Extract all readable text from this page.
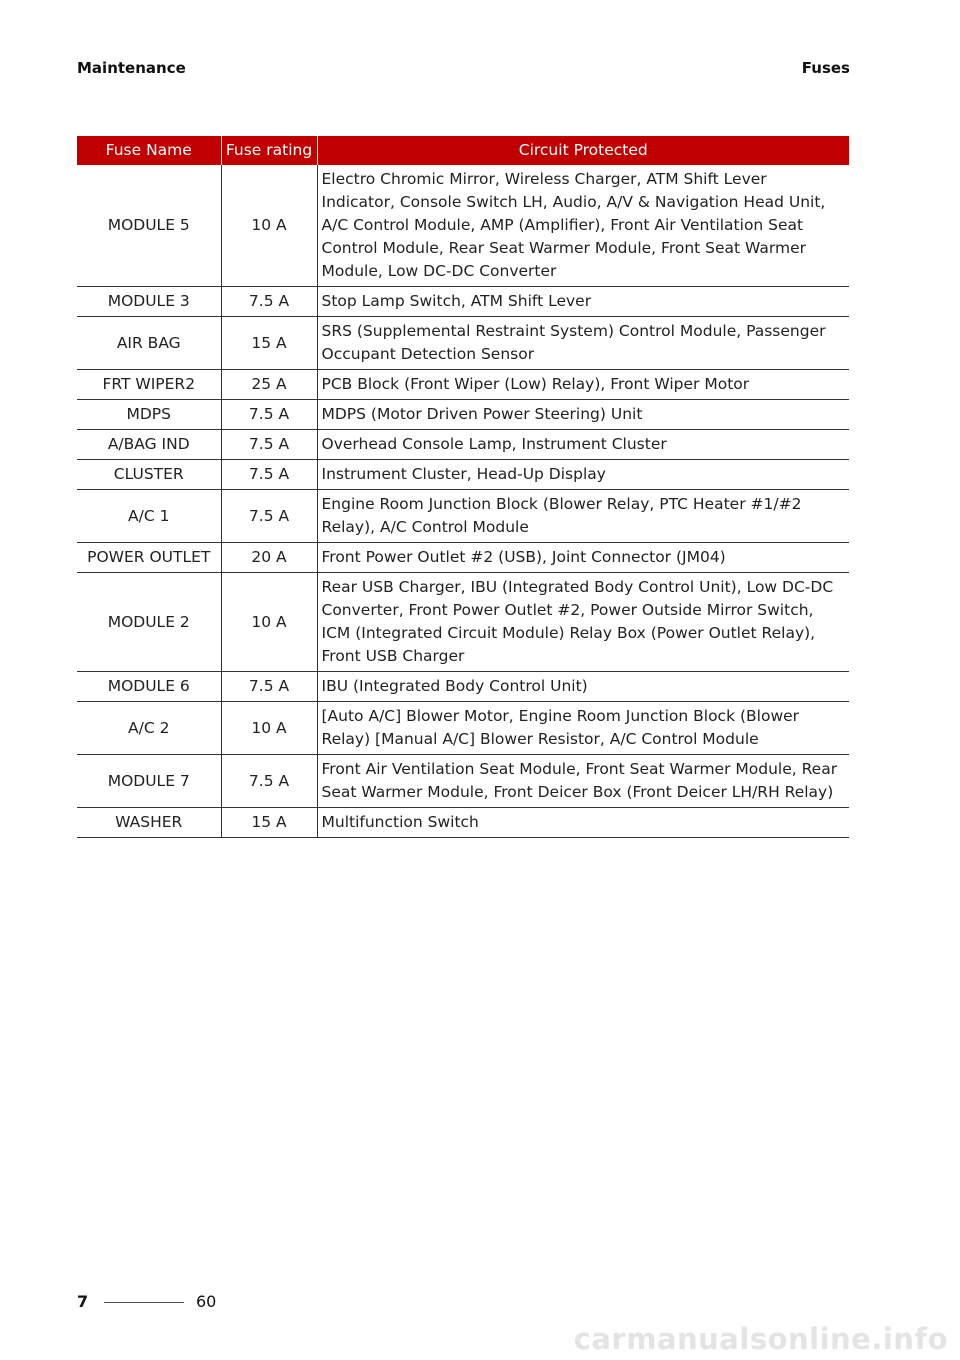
Maintenance	Fuses
Fuse Name	Fuse rating	Circuit Protected
MODULE 5	10 A	Electro Chromic Mirror, Wireless Charger, ATM Shift Lever Indicator, Console Switch LH, Audio, A/V & Navigation Head Unit, A/C Control Module, AMP (Amplifier), Front Air Ventilation Seat Control Module, Rear Seat Warmer Module, Front Seat Warmer Module, Low DC-DC Converter
MODULE 3	7.5 A	Stop Lamp Switch, ATM Shift Lever
AIR BAG	15 A	SRS (Supplemental Restraint System) Control Module, Passenger Occupant Detection Sensor
FRT WIPER2	25 A	PCB Block (Front Wiper (Low) Relay), Front Wiper Motor
MDPS	7.5 A	MDPS (Motor Driven Power Steering) Unit
A/BAG IND	7.5 A	Overhead Console Lamp, Instrument Cluster
CLUSTER	7.5 A	Instrument Cluster, Head-Up Display
A/C 1	7.5 A	Engine Room Junction Block (Blower Relay, PTC Heater #1/#2 Relay), A/C Control Module
POWER OUTLET	20 A	Front Power Outlet #2 (USB), Joint Connector (JM04)
MODULE 2	10 A	Rear USB Charger, IBU (Integrated Body Control Unit), Low DC-DC Converter, Front Power Outlet #2, Power Outside Mirror Switch, ICM (Integrated Circuit Module) Relay Box (Power Outlet Relay), Front USB Charger
MODULE 6	7.5 A	IBU (Integrated Body Control Unit)
A/C 2	10 A	[Auto A/C] Blower Motor, Engine Room Junction Block (Blower Relay) [Manual A/C] Blower Resistor, A/C Control Module
MODULE 7	7.5 A	Front Air Ventilation Seat Module, Front Seat Warmer Module, Rear Seat Warmer Module, Front Deicer Box (Front Deicer LH/RH Relay)
WASHER	15 A	Multifunction Switch
7	60
carmanualsonline.info
